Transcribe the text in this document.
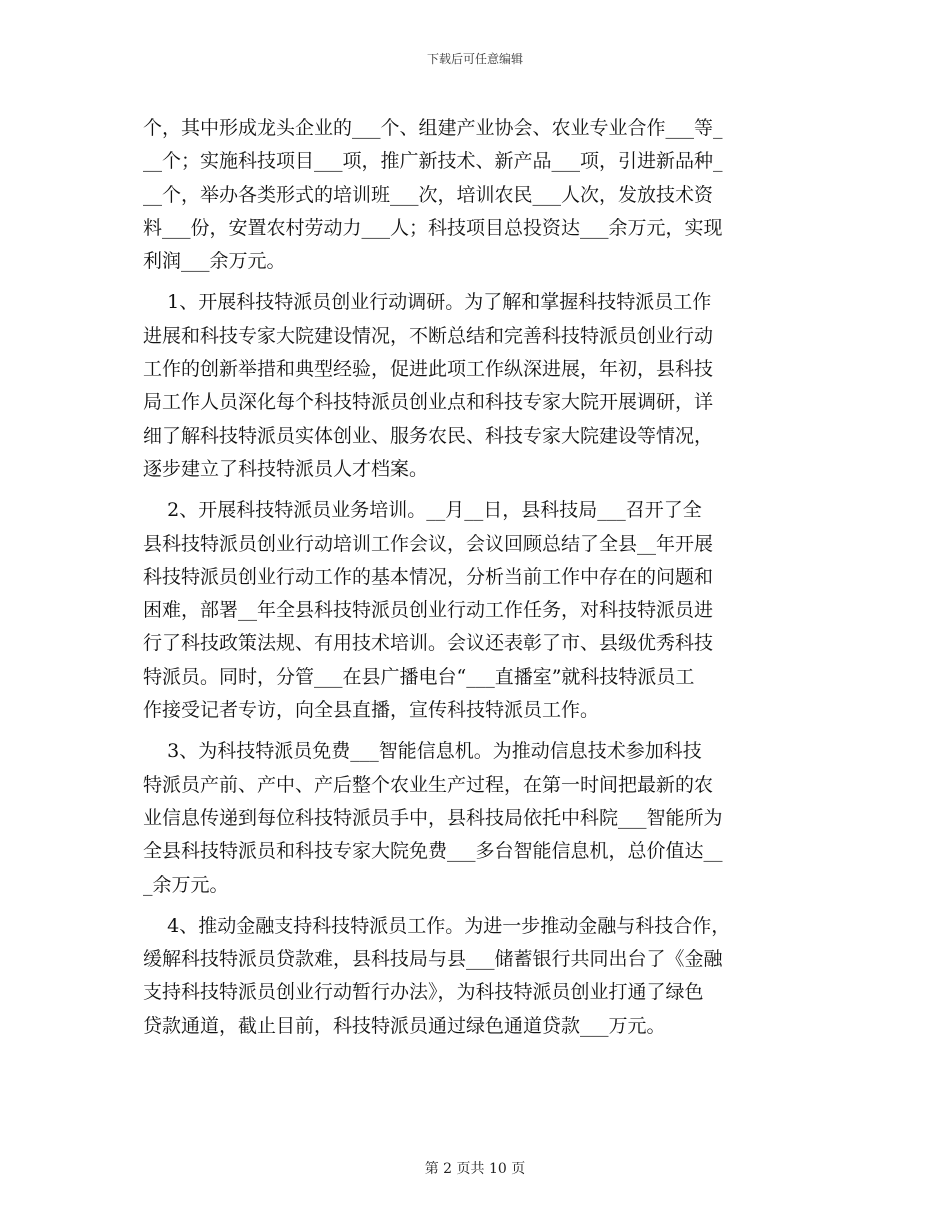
下载后可任意编辑
个，其中形成龙头企业的___个、组建产业协会、农业专业合作___等_
__个；实施科技项目___项，推广新技术、新产品___项，引进新品种_
__个，举办各类形式的培训班___次，培训农民___人次，发放技术资
料___份，安置农村劳动力___人；科技项目总投资达___余万元，实现
利润___余万元。
1、开展科技特派员创业行动调研。为了解和掌握科技特派员工作
进展和科技专家大院建设情况，不断总结和完善科技特派员创业行动
工作的创新举措和典型经验，促进此项工作纵深进展，年初，县科技
局工作人员深化每个科技特派员创业点和科技专家大院开展调研，详
细了解科技特派员实体创业、服务农民、科技专家大院建设等情况，
逐步建立了科技特派员人才档案。
2、开展科技特派员业务培训。__月__日，县科技局___召开了全
县科技特派员创业行动培训工作会议，会议回顾总结了全县__年开展
科技特派员创业行动工作的基本情况，分析当前工作中存在的问题和
困难，部署__年全县科技特派员创业行动工作任务，对科技特派员进
行了科技政策法规、有用技术培训。会议还表彰了市、县级优秀科技
特派员。同时，分管___在县广播电台“___直播室”就科技特派员工
作接受记者专访，向全县直播，宣传科技特派员工作。
3、为科技特派员免费___智能信息机。为推动信息技术参加科技
特派员产前、产中、产后整个农业生产过程，在第一时间把最新的农
业信息传递到每位科技特派员手中，县科技局依托中科院___智能所为
全县科技特派员和科技专家大院免费___多台智能信息机，总价值达__
_余万元。
4、推动金融支持科技特派员工作。为进一步推动金融与科技合作，
缓解科技特派员贷款难，县科技局与县___储蓄银行共同出台了《金融
支持科技特派员创业行动暂行办法》，为科技特派员创业打通了绿色
贷款通道，截止目前，科技特派员通过绿色通道贷款___万元。
第 2 页共 10 页
